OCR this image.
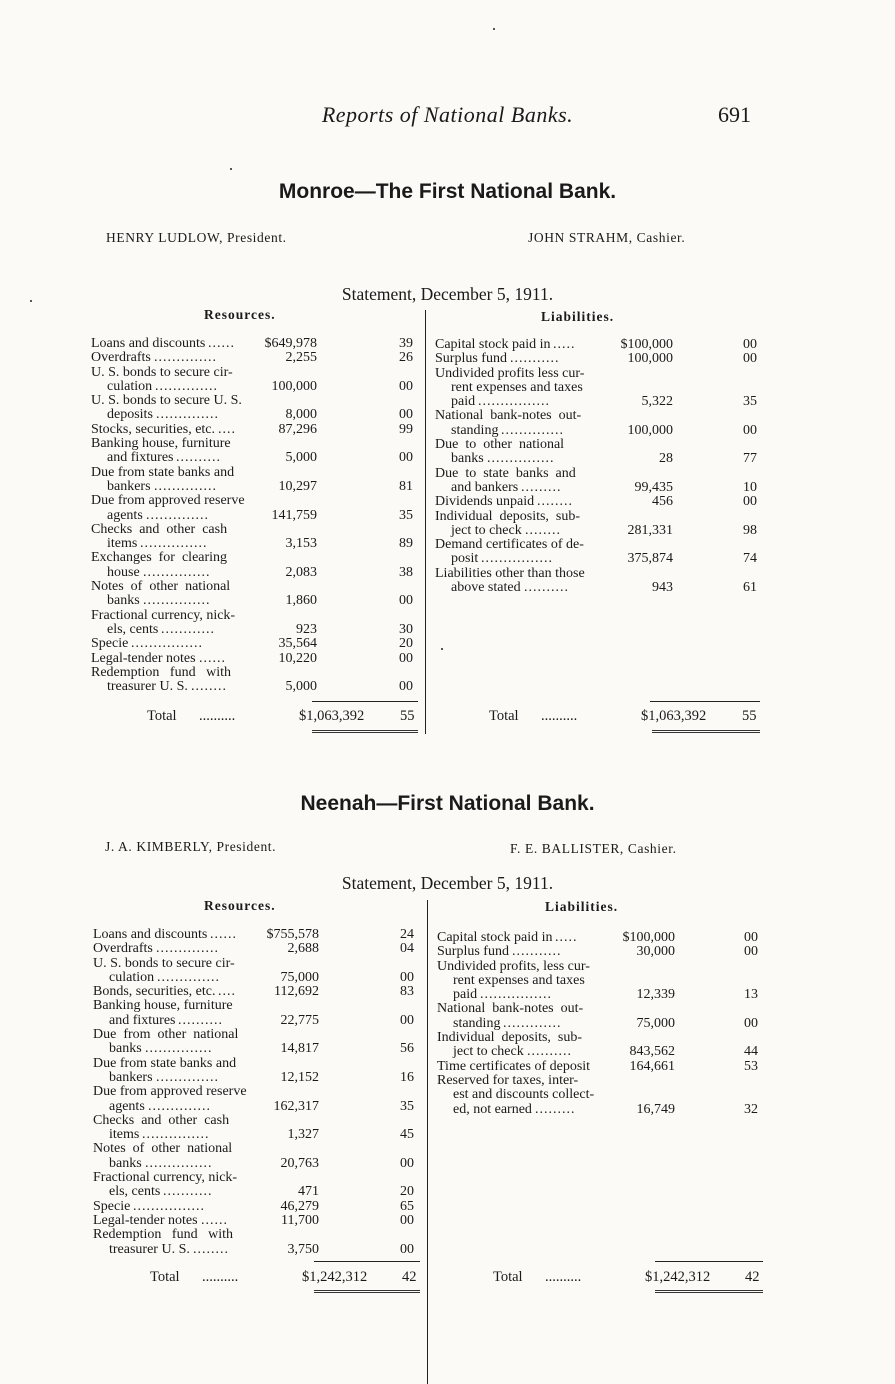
Reports of National Banks.	691
Monroe—The First National Bank.
HENRY LUDLOW, President.	JOHN STRAHM, Cashier.
Statement, December 5, 1911.
Resources.	Liabilities.
Loans and discounts ...... $649,978	39
Overdrafts ..............	2,255	26
U. S. bonds to secure cir-
culation ..............	100,000	00
U. S. bonds to secure U. S.
deposits ..............	8,000	00
Stocks, securities, etc. ....	87,296	99
Banking house, furniture
and fixtures ..........	5,000	00
Due from state banks and
bankers ..............	10,297	81
Due from approved reserve
agents ..............	141,759	35
Checks  and  other  cash
items ...............	3,153	89
Exchanges  for  clearing
house ...............	2,083	38
Notes  of  other  national
banks ...............	1,860	00
Fractional currency, nick-
els, cents ............	923	30
Specie ................	35,564	20
Legal-tender notes ......	10,220	00
Redemption   fund   with
treasurer U. S. ........	5,000	00
Capital stock paid in .....	$100,000	00
Surplus fund ...........	100,000	00
Undivided profits less cur-
rent expenses and taxes
paid ................	5,322	35
National  bank-notes  out-
standing ..............	100,000	00
Due  to  other  national
banks ...............	28	77
Due  to  state  banks  and
and bankers .........	99,435	10
Dividends unpaid ........	456	00
Individual  deposits,  sub-
ject to check ........	281,331	98
Demand certificates of de-
posit ................	375,874	74
Liabilities other than those
above stated ..........	943	61
Total ..........	$1,063,392 55	Total ..........	$1,063,392 55
Neenah—First National Bank.
J. A. KIMBERLY, President.	F. E. BALLISTER, Cashier.
Statement, December 5, 1911.
Resources.	Liabilities.
Loans and discounts ...... $755,578	24
Overdrafts ..............	2,688	04
U. S. bonds to secure cir-
culation ..............	75,000	00
Bonds, securities, etc. ....	112,692	83
Banking house, furniture
and fixtures ..........	22,775	00
Due  from  other  national
banks ...............	14,817	56
Due from state banks and
bankers ..............	12,152	16
Due from approved reserve
agents ..............	162,317	35
Checks  and  other  cash
items ...............	1,327	45
Notes  of  other  national
banks ...............	20,763	00
Fractional currency, nick-
els, cents ...........	471	20
Specie ................	46,279	65
Legal-tender notes ......	11,700	00
Redemption   fund   with
treasurer U. S. ........	3,750	00
Capital stock paid in .....	$100,000	00
Surplus fund ...........	30,000	00
Undivided profits, less cur-
rent expenses and taxes
paid ................	12,339	13
National  bank-notes  out-
standing .............	75,000	00
Individual  deposits,  sub-
ject to check ..........	843,562	44
Time certificates of deposit	164,661	53
Reserved for taxes, inter-
est and discounts collect-
ed, not earned .........	16,749	32
Total ..........	$1,242,312 42	Total ..........	$1,242,312 42
